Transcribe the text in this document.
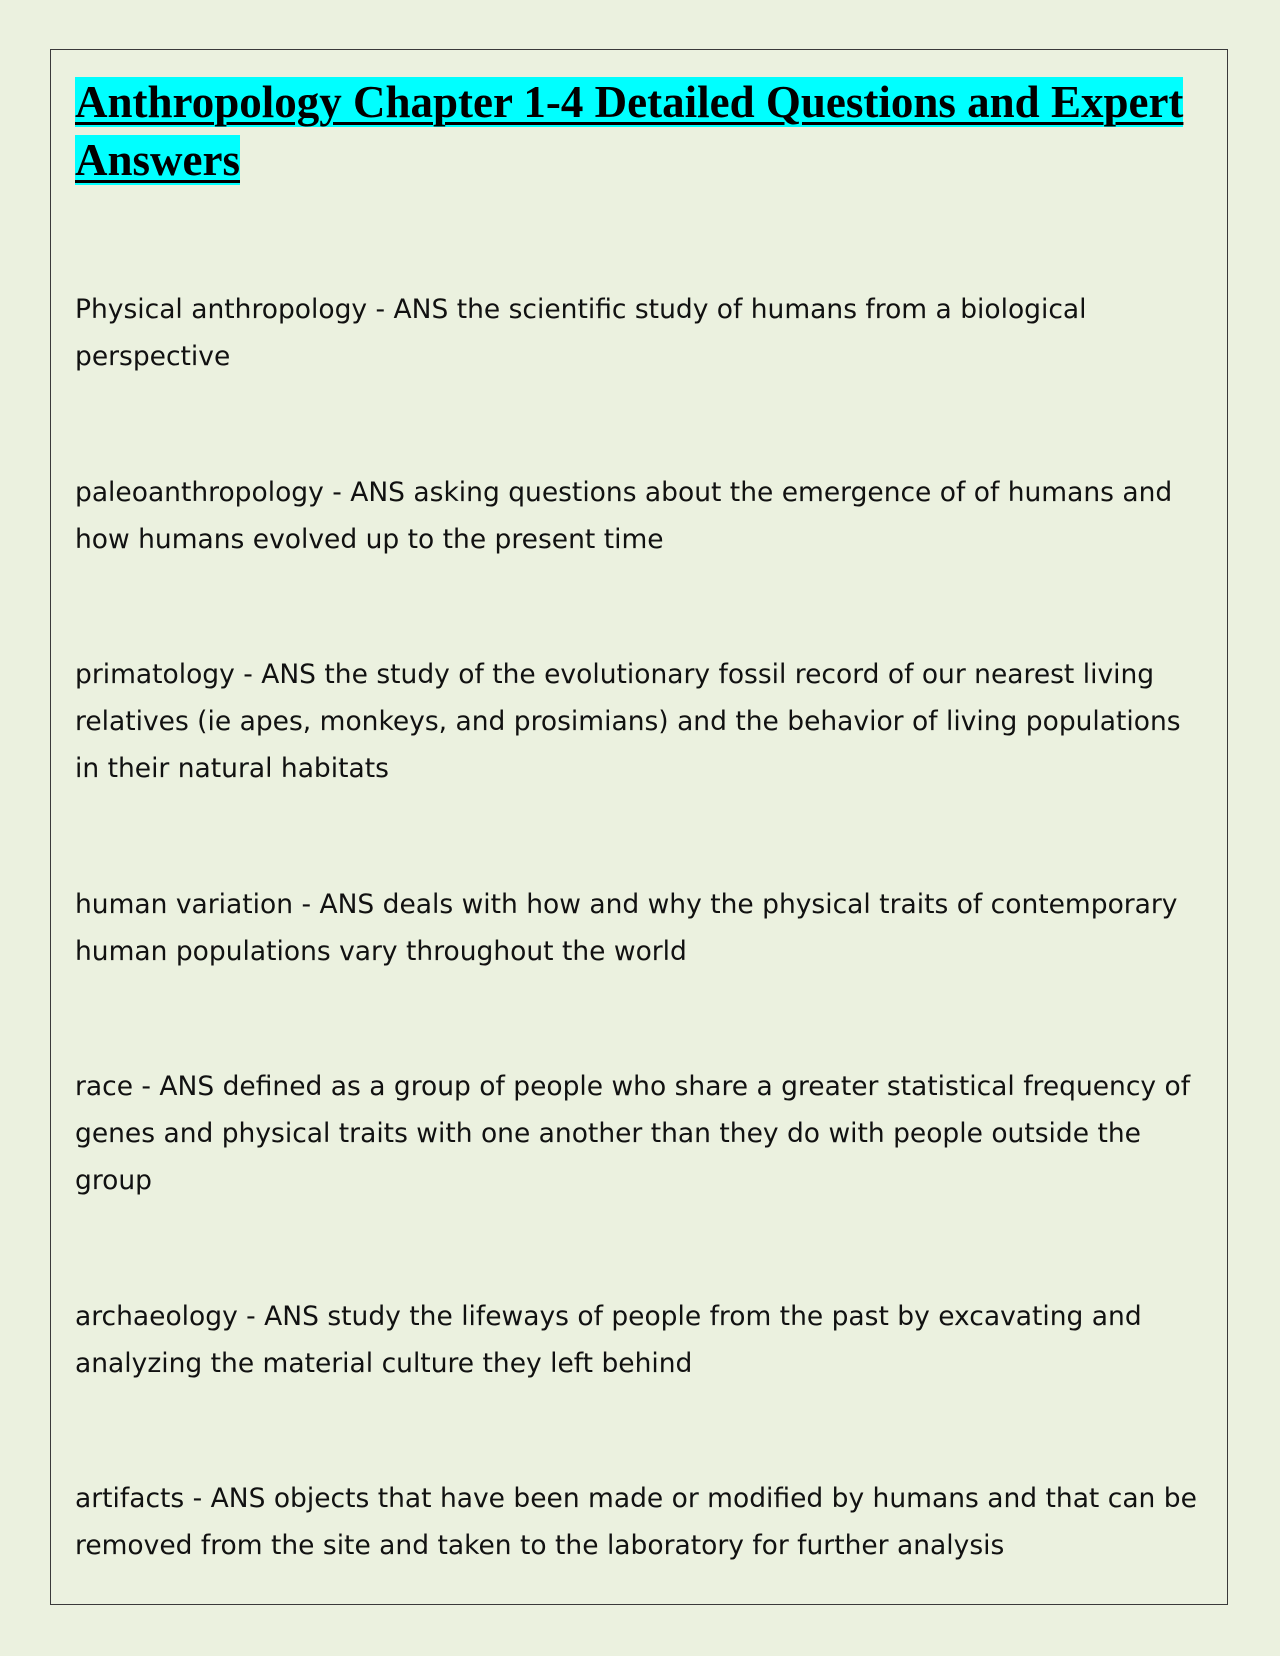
Anthropology Chapter 1-4 Detailed Questions and Expert Answers

Physical anthropology - ANS the scientific study of humans from a biological perspective

paleoanthropology - ANS asking questions about the emergence of of humans and how humans evolved up to the present time

primatology - ANS the study of the evolutionary fossil record of our nearest living relatives (ie apes, monkeys, and prosimians) and the behavior of living populations in their natural habitats

human variation - ANS deals with how and why the physical traits of contemporary human populations vary throughout the world

race - ANS defined as a group of people who share a greater statistical frequency of genes and physical traits with one another than they do with people outside the group

archaeology - ANS study the lifeways of people from the past by excavating and analyzing the material culture they left behind

artifacts - ANS objects that have been made or modified by humans and that can be removed from the site and taken to the laboratory for further analysis
